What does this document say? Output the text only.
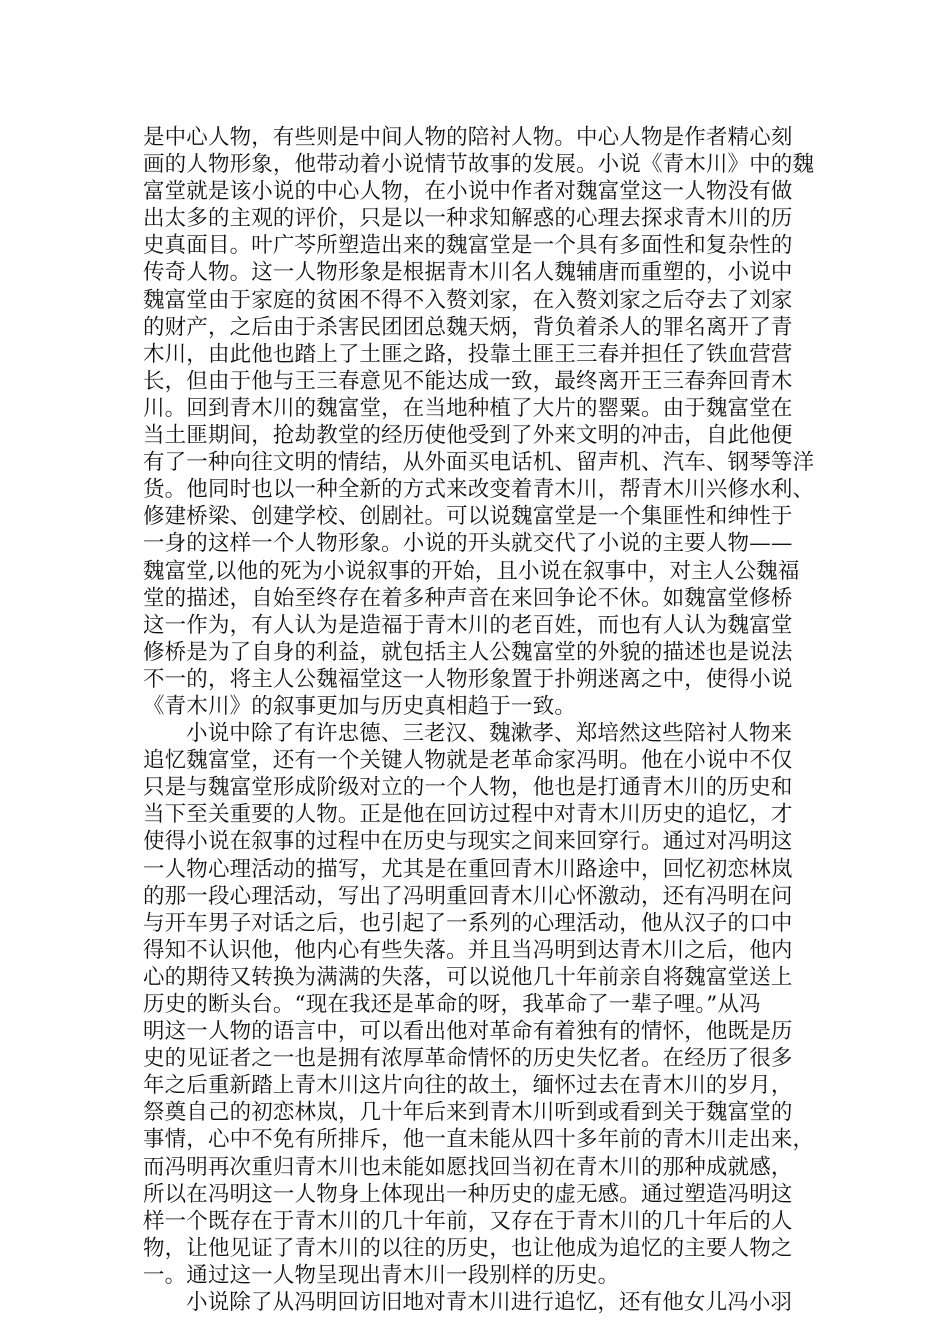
是中心人物，有些则是中间人物的陪衬人物。中心人物是作者精心刻
画的人物形象，他带动着小说情节故事的发展。小说《青木川》中的魏
富堂就是该小说的中心人物，在小说中作者对魏富堂这一人物没有做
出太多的主观的评价，只是以一种求知解惑的心理去探求青木川的历
史真面目。叶广芩所塑造出来的魏富堂是一个具有多面性和复杂性的
传奇人物。这一人物形象是根据青木川名人魏辅唐而重塑的，小说中
魏富堂由于家庭的贫困不得不入赘刘家，在入赘刘家之后夺去了刘家
的财产，之后由于杀害民团团总魏天炳，背负着杀人的罪名离开了青
木川，由此他也踏上了土匪之路，投靠土匪王三春并担任了铁血营营
长，但由于他与王三春意见不能达成一致，最终离开王三春奔回青木
川。回到青木川的魏富堂，在当地种植了大片的罂粟。由于魏富堂在
当土匪期间，抢劫教堂的经历使他受到了外来文明的冲击，自此他便
有了一种向往文明的情结，从外面买电话机、留声机、汽车、钢琴等洋
货。他同时也以一种全新的方式来改变着青木川，帮青木川兴修水利、
修建桥梁、创建学校、创剧社。可以说魏富堂是一个集匪性和绅性于
一身的这样一个人物形象。小说的开头就交代了小说的主要人物——
魏富堂,以他的死为小说叙事的开始，且小说在叙事中，对主人公魏福
堂的描述，自始至终存在着多种声音在来回争论不休。如魏富堂修桥
这一作为，有人认为是造福于青木川的老百姓，而也有人认为魏富堂
修桥是为了自身的利益，就包括主人公魏富堂的外貌的描述也是说法
不一的，将主人公魏福堂这一人物形象置于扑朔迷离之中，使得小说
《青木川》的叙事更加与历史真相趋于一致。
小说中除了有许忠德、三老汉、魏漱孝、郑培然这些陪衬人物来
追忆魏富堂，还有一个关键人物就是老革命家冯明。他在小说中不仅
只是与魏富堂形成阶级对立的一个人物，他也是打通青木川的历史和
当下至关重要的人物。正是他在回访过程中对青木川历史的追忆，才
使得小说在叙事的过程中在历史与现实之间来回穿行。通过对冯明这
一人物心理活动的描写，尤其是在重回青木川路途中，回忆初恋林岚
的那一段心理活动，写出了冯明重回青木川心怀激动，还有冯明在问
与开车男子对话之后，也引起了一系列的心理活动，他从汉子的口中
得知不认识他，他内心有些失落。并且当冯明到达青木川之后，他内
心的期待又转换为满满的失落，可以说他几十年前亲自将魏富堂送上
历史的断头台。“现在我还是革命的呀，我革命了一辈子哩。”从冯
明这一人物的语言中，可以看出他对革命有着独有的情怀，他既是历
史的见证者之一也是拥有浓厚革命情怀的历史失忆者。在经历了很多
年之后重新踏上青木川这片向往的故土，缅怀过去在青木川的岁月，
祭奠自己的初恋林岚，几十年后来到青木川听到或看到关于魏富堂的
事情，心中不免有所排斥，他一直未能从四十多年前的青木川走出来，
而冯明再次重归青木川也未能如愿找回当初在青木川的那种成就感，
所以在冯明这一人物身上体现出一种历史的虚无感。通过塑造冯明这
样一个既存在于青木川的几十年前，又存在于青木川的几十年后的人
物，让他见证了青木川的以往的历史，也让他成为追忆的主要人物之
一。通过这一人物呈现出青木川一段别样的历史。
小说除了从冯明回访旧地对青木川进行追忆，还有他女儿冯小羽
